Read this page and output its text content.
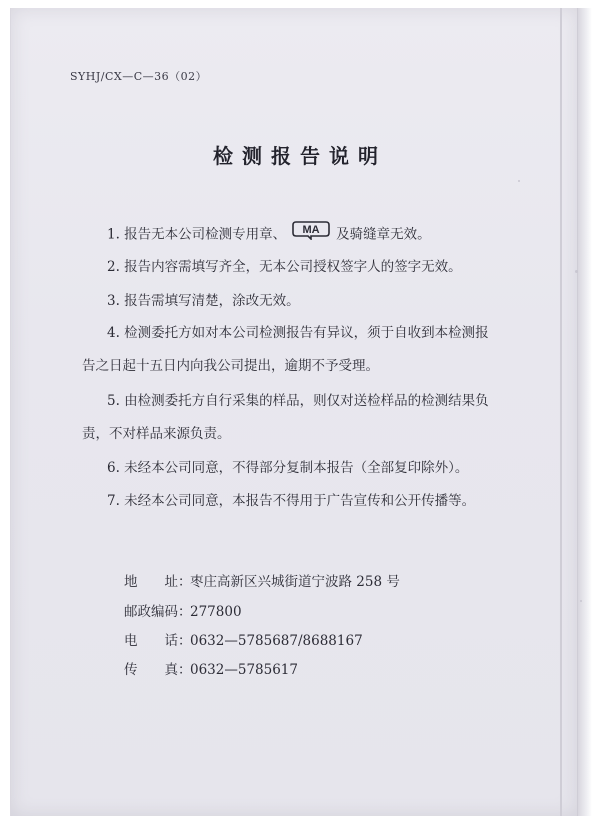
SYHJ/CX—C—36（02）
检测报告说明
1. 报告无本公司检测专用章、 MA 及骑缝章无效。
2. 报告内容需填写齐全，无本公司授权签字人的签字无效。
3. 报告需填写清楚，涂改无效。
4. 检测委托方如对本公司检测报告有异议，须于自收到本检测报
告之日起十五日内向我公司提出，逾期不予受理。
5. 由检测委托方自行采集的样品，则仅对送检样品的检测结果负
责，不对样品来源负责。
6. 未经本公司同意，不得部分复制本报告（全部复印除外）。
7. 未经本公司同意，本报告不得用于广告宣传和公开传播等。
地　　址：枣庄高新区兴城街道宁波路 258 号
邮政编码：277800
电　　话：0632—5785687/8688167
传　　真：0632—5785617
